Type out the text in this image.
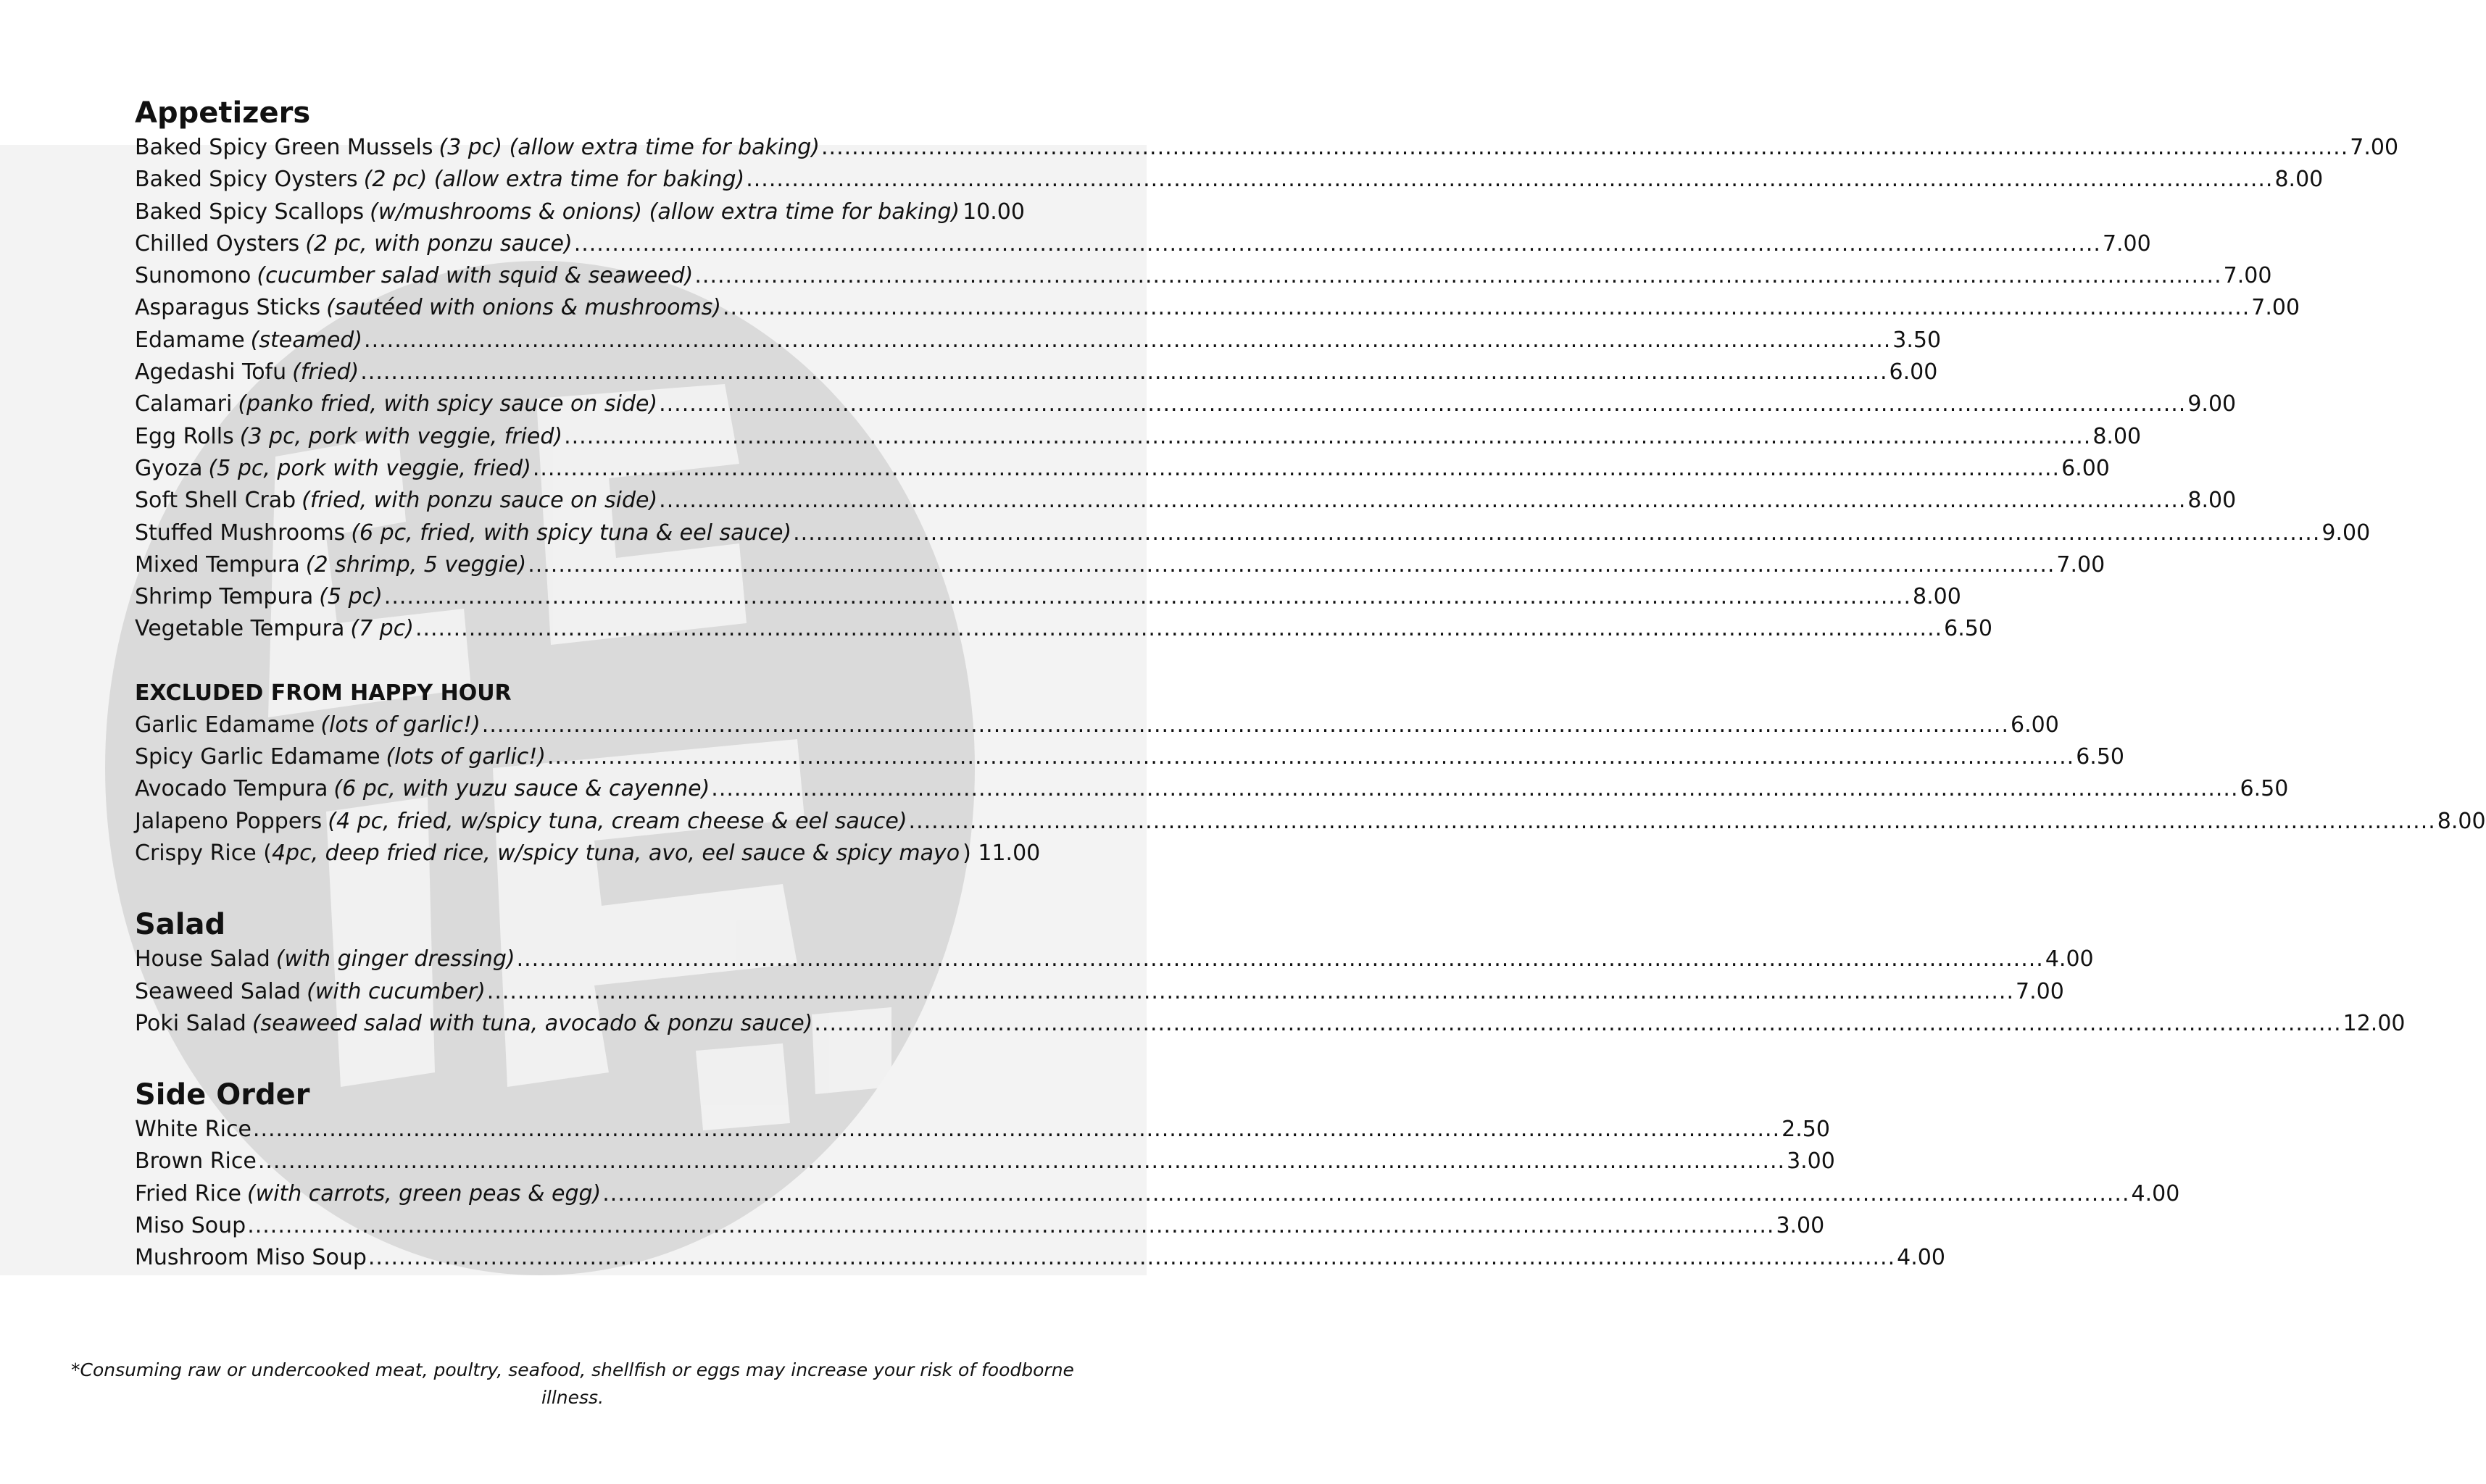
Appetizers
Baked Spicy Green Mussels (3 pc) (allow extra time for baking) ........................................................................................................................................................................................................ 7.00
Baked Spicy Oysters (2 pc) (allow extra time for baking) ........................................................................................................................................................................................................ 8.00
Baked Spicy Scallops (w/mushrooms & onions) (allow extra time for baking) 10.00
Chilled Oysters (2 pc, with ponzu sauce) ........................................................................................................................................................................................................ 7.00
Sunomono (cucumber salad with squid & seaweed) ........................................................................................................................................................................................................ 7.00
Asparagus Sticks (sautéed with onions & mushrooms) ........................................................................................................................................................................................................ 7.00
Edamame (steamed) ........................................................................................................................................................................................................ 3.50
Agedashi Tofu (fried) ........................................................................................................................................................................................................ 6.00
Calamari (panko fried, with spicy sauce on side) ........................................................................................................................................................................................................ 9.00
Egg Rolls (3 pc, pork with veggie, fried) ........................................................................................................................................................................................................ 8.00
Gyoza (5 pc, pork with veggie, fried) ........................................................................................................................................................................................................ 6.00
Soft Shell Crab (fried, with ponzu sauce on side) ........................................................................................................................................................................................................ 8.00
Stuffed Mushrooms (6 pc, fried, with spicy tuna & eel sauce) ........................................................................................................................................................................................................ 9.00
Mixed Tempura (2 shrimp, 5 veggie) ........................................................................................................................................................................................................ 7.00
Shrimp Tempura (5 pc) ........................................................................................................................................................................................................ 8.00
Vegetable Tempura (7 pc) ........................................................................................................................................................................................................ 6.50
EXCLUDED FROM HAPPY HOUR
Garlic Edamame (lots of garlic!) ........................................................................................................................................................................................................ 6.00
Spicy Garlic Edamame (lots of garlic!) ........................................................................................................................................................................................................ 6.50
Avocado Tempura (6 pc, with yuzu sauce & cayenne) ........................................................................................................................................................................................................ 6.50
Jalapeno Poppers (4 pc, fried, w/spicy tuna, cream cheese & eel sauce) ........................................................................................................................................................................................................ 8.00
Crispy Rice ( 4pc, deep fried rice, w/spicy tuna, avo, eel sauce & spicy mayo ) 11.00
Salad
House Salad (with ginger dressing) ........................................................................................................................................................................................................ 4.00
Seaweed Salad (with cucumber) ........................................................................................................................................................................................................ 7.00
Poki Salad (seaweed salad with tuna, avocado & ponzu sauce) ........................................................................................................................................................................................................ 12.00
Side Order
White Rice ........................................................................................................................................................................................................ 2.50
Brown Rice ........................................................................................................................................................................................................ 3.00
Fried Rice (with carrots, green peas & egg) ........................................................................................................................................................................................................ 4.00
Miso Soup ........................................................................................................................................................................................................ 3.00
Mushroom Miso Soup ........................................................................................................................................................................................................ 4.00
*Consuming raw or undercooked meat, poultry, seafood, shellfish or eggs may increase your risk of foodborne
illness.
